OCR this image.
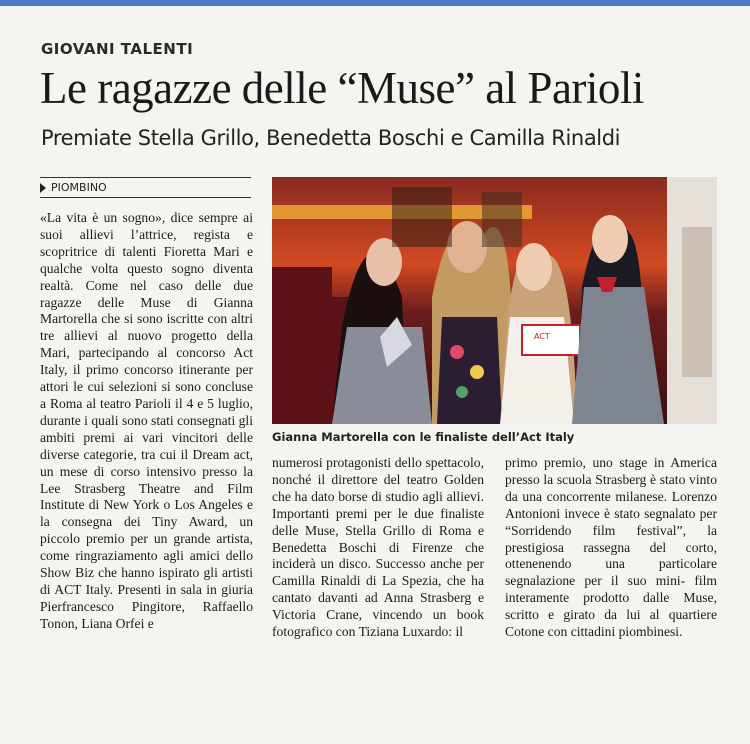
GIOVANI TALENTI
Le ragazze delle “Muse” al Parioli
Premiate Stella Grillo, Benedetta Boschi e Camilla Rinaldi
PIOMBINO
«La vita è un sogno», dice sempre ai suoi allievi l’attrice, regista e scopritrice di talenti Fioretta Mari e qualche volta questo sogno diventa realtà. Come nel caso delle due ragazze delle Muse di Gianna Martorella che si sono iscritte con altri tre allievi al nuovo progetto della Mari, partecipando al concorso Act Italy, il primo concorso itinerante per attori le cui selezioni si sono concluse a Roma al teatro Parioli il 4 e 5 luglio, durante i quali sono stati consegnati gli ambiti premi ai vari vincitori delle diverse categorie, tra cui il Dream act, un mese di corso intensivo presso la Lee Strasberg Theatre and Film Institute di New York o Los Angeles e la consegna dei Tiny Award, un piccolo premio per un grande artista, come ringraziamento agli amici dello Show Biz che hanno ispirato gli artisti di ACT Italy. Presenti in sala in giuria Pierfrancesco Pingitore, Raffaello Tonon, Liana Orfei e
ACT
Gianna Martorella con le finaliste dell’Act Italy
numerosi protagonisti dello spettacolo, nonché il direttore del teatro Golden che ha dato borse di studio agli allievi. Importanti premi per le due finaliste delle Muse, Stella Grillo di Roma e Benedetta Boschi di Firenze che inciderà un disco. Successo anche per Camilla Rinaldi di La Spezia, che ha cantato davanti ad Anna Strasberg e Victoria Crane, vincendo un book fotografico con Tiziana Luxardo: il
primo premio, uno stage in America presso la scuola Strasberg è stato vinto da una concorrente milanese. Lorenzo Antonioni invece è stato segnalato per “Sorridendo film festival”, la prestigiosa rassegna del corto, ottenenendo una particolare segnalazione per il suo mini- film interamente prodotto dalle Muse, scritto e girato da lui al quartiere Cotone con cittadini piombinesi.
